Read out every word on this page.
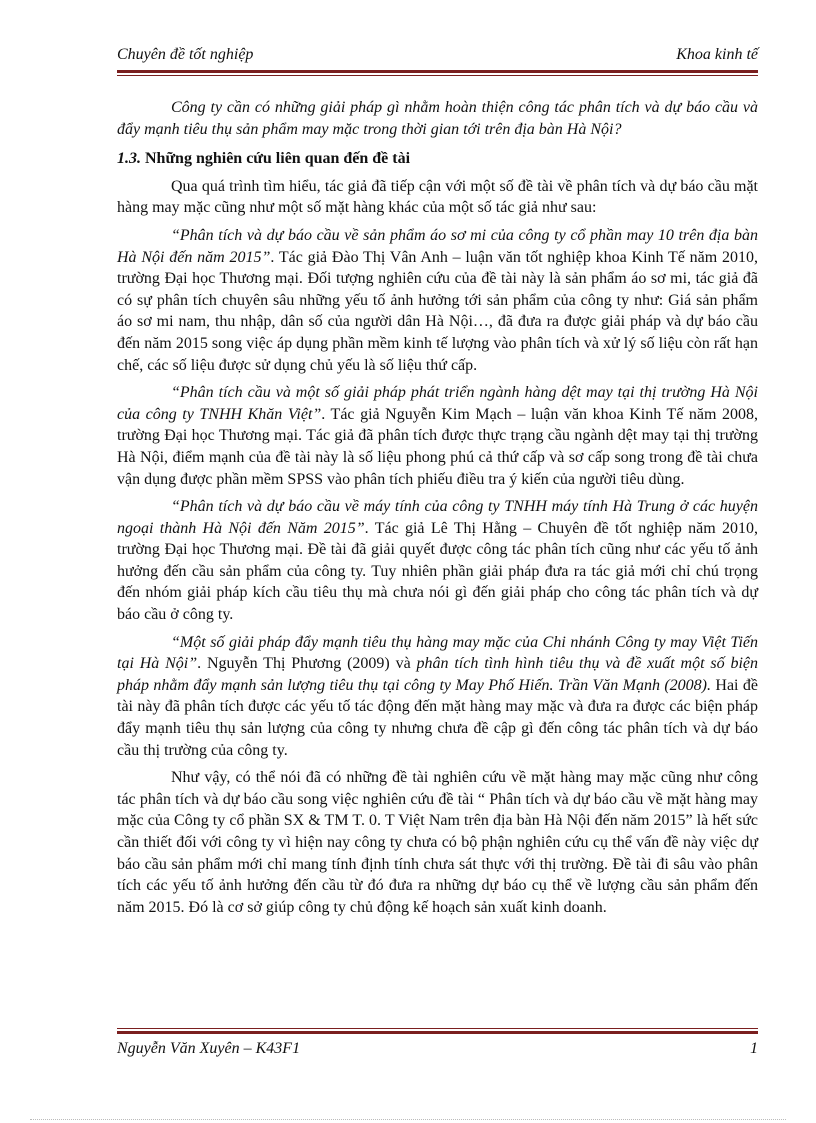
Chuyên đề tốt nghiệp	Khoa kinh tế

Công ty cần có những giải pháp gì nhằm hoàn thiện công tác phân tích và dự báo cầu và đẩy mạnh tiêu thụ sản phẩm may mặc trong thời gian tới trên địa bàn Hà Nội?

1.3. Những nghiên cứu liên quan đến đề tài

Qua quá trình tìm hiểu, tác giả đã tiếp cận với một số đề tài về phân tích và dự báo cầu mặt hàng may mặc cũng như một số mặt hàng khác của một số tác giả như sau:

“Phân tích và dự báo cầu về sản phẩm áo sơ mi của công ty cổ phần may 10 trên địa bàn Hà Nội đến năm 2015”. Tác giả Đào Thị Vân Anh – luận văn tốt nghiệp khoa Kinh Tế năm 2010, trường Đại học Thương mại. Đối tượng nghiên cứu của đề tài này là sản phẩm áo sơ mi, tác giả đã có sự phân tích chuyên sâu những yếu tố ảnh hưởng tới sản phẩm của công ty như: Giá sản phẩm áo sơ mi nam, thu nhập, dân số của người dân Hà Nội…, đã đưa ra được giải pháp và dự báo cầu đến năm 2015 song việc áp dụng phần mềm kinh tế lượng vào phân tích và xử lý số liệu còn rất hạn chế, các số liệu được sử dụng chủ yếu là số liệu thứ cấp.

“Phân tích cầu và một số giải pháp phát triển ngành hàng dệt may tại thị trường Hà Nội của công ty TNHH Khăn Việt”. Tác giả Nguyễn Kim Mạch – luận văn khoa Kinh Tế năm 2008, trường Đại học Thương mại. Tác giả đã phân tích được thực trạng cầu ngành dệt may tại thị trường Hà Nội, điểm mạnh của đề tài này là số liệu phong phú cả thứ cấp và sơ cấp song trong đề tài chưa vận dụng được phần mềm SPSS vào phân tích phiếu điều tra ý kiến của người tiêu dùng.

“Phân tích và dự báo cầu về máy tính của công ty TNHH máy tính Hà Trung ở các huyện ngoại thành Hà Nội đến Năm 2015”. Tác giả Lê Thị Hằng – Chuyên đề tốt nghiệp năm 2010, trường Đại học Thương mại. Đề tài đã giải quyết được công tác phân tích cũng như các yếu tố ảnh hưởng đến cầu sản phẩm của công ty. Tuy nhiên phần giải pháp đưa ra tác giả mới chỉ chú trọng đến nhóm giải pháp kích cầu tiêu thụ mà chưa nói gì đến giải pháp cho công tác phân tích và dự báo cầu ở công ty.

“Một số giải pháp đẩy mạnh tiêu thụ hàng may mặc của Chi nhánh Công ty may Việt Tiến tại Hà Nội”. Nguyễn Thị Phương (2009) và phân tích tình hình tiêu thụ và đề xuất một số biện pháp nhằm đẩy mạnh sản lượng tiêu thụ tại công ty May Phố Hiến. Trần Văn Mạnh (2008). Hai đề tài này đã phân tích được các yếu tố tác động đến mặt hàng may mặc và đưa ra được các biện pháp đẩy mạnh tiêu thụ sản lượng của công ty nhưng chưa đề cập gì đến công tác phân tích và dự báo cầu thị trường của công ty.

Như vậy, có thể nói đã có những đề tài nghiên cứu về mặt hàng may mặc cũng như công tác phân tích và dự báo cầu song việc nghiên cứu đề tài “ Phân tích và dự báo cầu về mặt hàng may mặc của Công ty cổ phần SX & TM T. 0. T Việt Nam trên địa bàn Hà Nội đến năm 2015” là hết sức cần thiết đối với công ty vì hiện nay công ty chưa có bộ phận nghiên cứu cụ thể vấn đề này việc dự báo cầu sản phẩm mới chỉ mang tính định tính chưa sát thực với thị trường. Đề tài đi sâu vào phân tích các yếu tố ảnh hưởng đến cầu từ đó đưa ra những dự báo cụ thể về lượng cầu sản phẩm đến năm 2015. Đó là cơ sở giúp công ty chủ động kế hoạch sản xuất kinh doanh.

Nguyễn Văn Xuyên – K43F1	1
